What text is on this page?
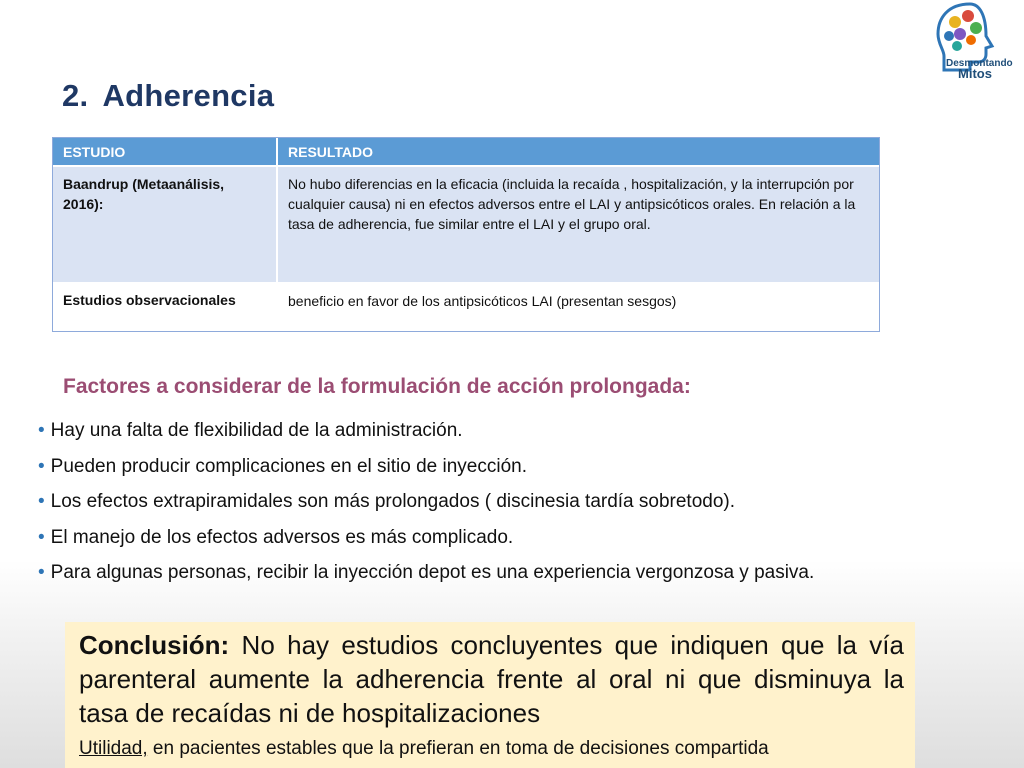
Desmontando
Mitos
2. Adherencia
ESTUDIO	RESULTADO
Baandrup (Metaanálisis, 2016):	No hubo diferencias en la eficacia (incluida la recaída , hospitalización, y la interrupción por cualquier causa) ni en efectos adversos entre el LAI y antipsicóticos orales. En relación a la tasa de adherencia, fue similar entre el LAI y el grupo oral.
Estudios observacionales	beneficio en favor de los antipsicóticos LAI (presentan sesgos)
Factores a considerar de la formulación de acción prolongada:
• Hay una falta de flexibilidad de la administración.
• Pueden producir complicaciones en el sitio de inyección.
• Los efectos extrapiramidales son más prolongados ( discinesia tardía sobretodo).
• El manejo de los efectos adversos es más complicado.
• Para algunas personas, recibir la inyección depot es una experiencia vergonzosa y pasiva.
Conclusión: No hay estudios concluyentes que indiquen que la vía parenteral aumente la adherencia frente al oral ni que disminuya la tasa de recaídas ni de hospitalizaciones
Utilidad, en pacientes estables que la prefieran en toma de decisiones compartida
